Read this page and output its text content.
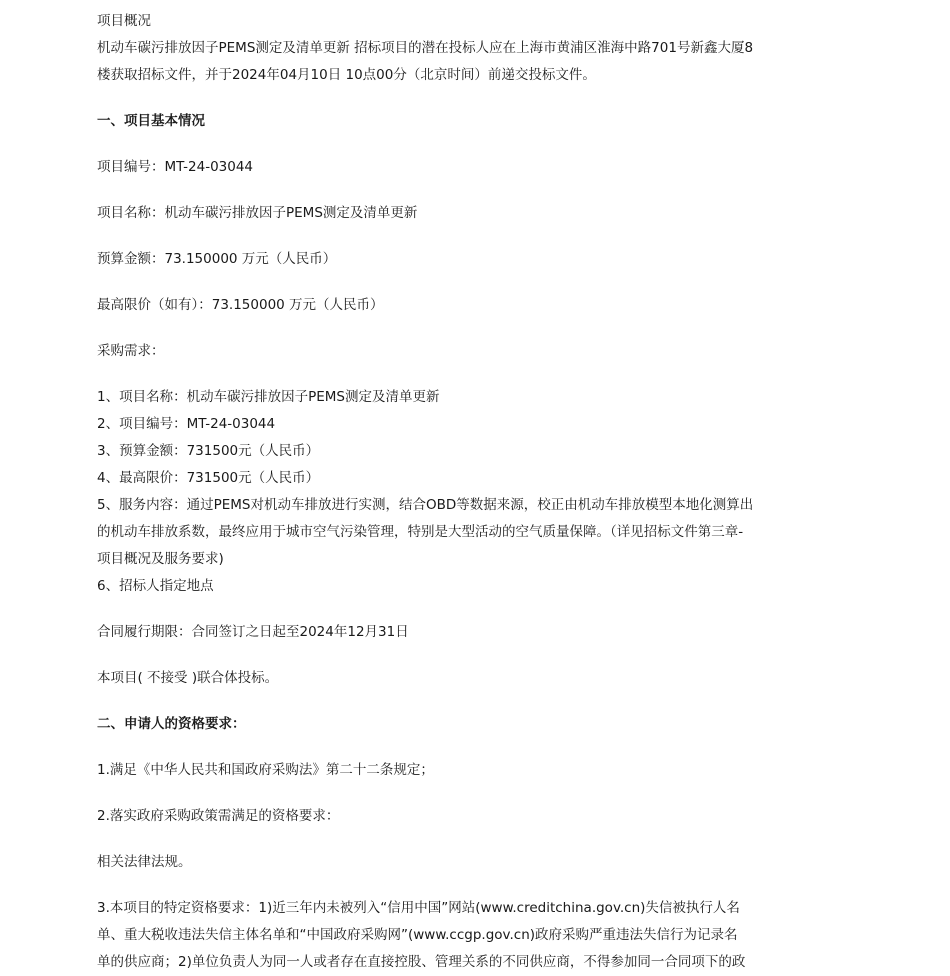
项目概况
机动车碳污排放因子PEMS测定及清单更新 招标项目的潜在投标人应在上海市黄浦区淮海中路701号新鑫大厦8
楼获取招标文件，并于2024年04月10日 10点00分（北京时间）前递交投标文件。
一、项目基本情况
项目编号：MT-24-03044
项目名称：机动车碳污排放因子PEMS测定及清单更新
预算金额：73.150000 万元（人民币）
最高限价（如有）：73.150000 万元（人民币）
采购需求：
1、项目名称：机动车碳污排放因子PEMS测定及清单更新
2、项目编号：MT-24-03044
3、预算金额：731500元（人民币）
4、最高限价：731500元（人民币）
5、服务内容：通过PEMS对机动车排放进行实测，结合OBD等数据来源，校正由机动车排放模型本地化测算出
的机动车排放系数，最终应用于城市空气污染管理，特别是大型活动的空气质量保障。（详见招标文件第三章-
项目概况及服务要求)
6、招标人指定地点
合同履行期限：合同签订之日起至2024年12月31日
本项目( 不接受 )联合体投标。
二、申请人的资格要求：
1.满足《中华人民共和国政府采购法》第二十二条规定；
2.落实政府采购政策需满足的资格要求：
相关法律法规。
3.本项目的特定资格要求：1)近三年内未被列入“信用中国”网站(www.creditchina.gov.cn)失信被执行人名
单、重大税收违法失信主体名单和“中国政府采购网”(www.ccgp.gov.cn)政府采购严重违法失信行为记录名
单的供应商；2)单位负责人为同一人或者存在直接控股、管理关系的不同供应商，不得参加同一合同项下的政
